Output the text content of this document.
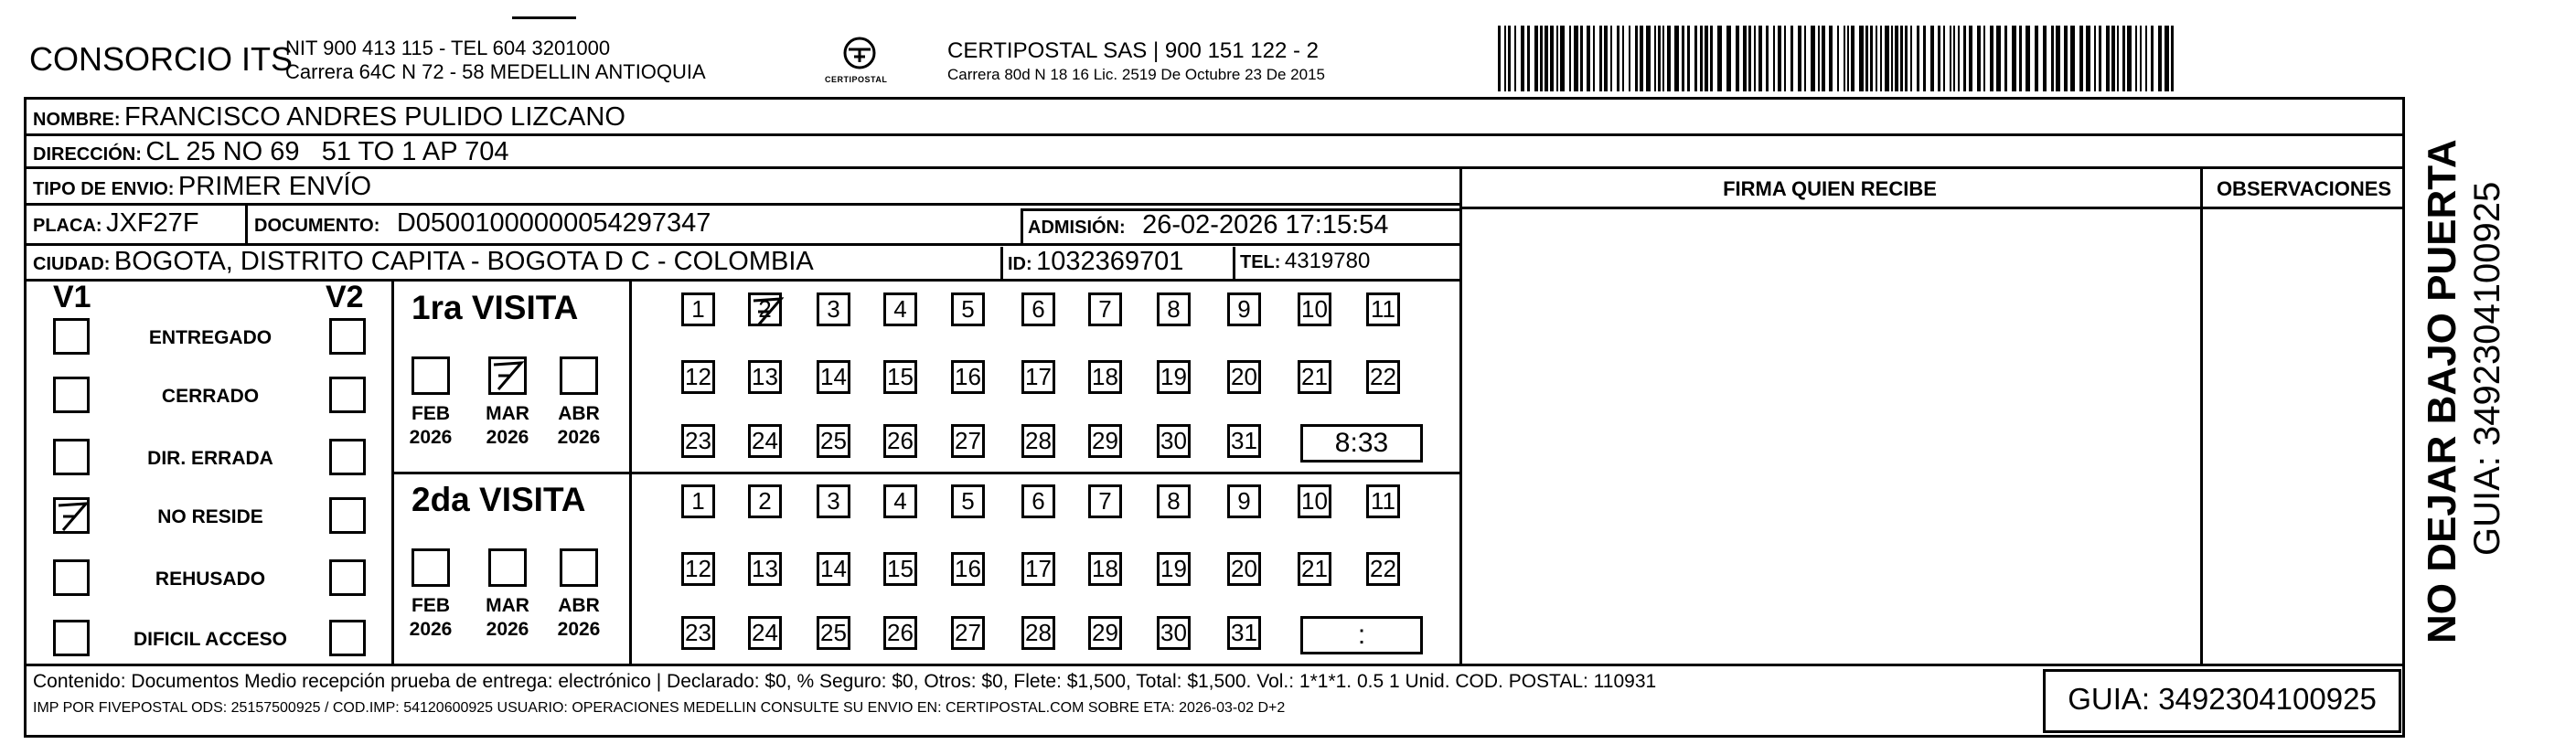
CONSORCIO ITS
NIT 900 413 115 - TEL 604 3201000
Carrera 64C N 72 - 58 MEDELLIN ANTIOQUIA	CERTIPOSTAL
CERTIPOSTAL SAS | 900 151 122 - 2
Carrera 80d N 18 16 Lic. 2519 De Octubre 23 De 2015
NOMBRE: FRANCISCO ANDRES PULIDO LIZCANO
DIRECCIÓN: CL 25 NO 69   51 TO 1 AP 704
TIPO DE ENVIO: PRIMER ENVÍO
PLACA: JXF27F	DOCUMENTO: D05001000000054297347	ADMISIÓN: 26-02-2026 17:15:54
CIUDAD: BOGOTA, DISTRITO CAPITA - BOGOTA D C - COLOMBIA	ID: 1032369701	TEL: 4319780
FIRMA QUIEN RECIBE	OBSERVACIONES
V1	V2
ENTREGADO
CERRADO
DIR. ERRADA
NO RESIDE
REHUSADO
DIFICIL ACCESO
1ra VISITA
FEB
2026
MAR
2026
ABR
2026
1 2 3 4 5 6 7 8 9 10 11
12 13 14 15 16 17 18 19 20 21 22
23 24 25 26 27 28 29 30 31	8:33
2da VISITA
FEB
2026
MAR
2026
ABR
2026
1 2 3 4 5 6 7 8 9 10 11
12 13 14 15 16 17 18 19 20 21 22
23 24 25 26 27 28 29 30 31	:
Contenido: Documentos Medio recepción prueba de entrega: electrónico | Declarado: $0, % Seguro: $0, Otros: $0, Flete: $1,500, Total: $1,500. Vol.: 1*1*1. 0.5 1 Unid. COD. POSTAL: 110931
IMP POR FIVEPOSTAL ODS: 25157500925 / COD.IMP: 54120600925 USUARIO: OPERACIONES MEDELLIN CONSULTE SU ENVIO EN: CERTIPOSTAL.COM SOBRE ETA: 2026-03-02 D+2	GUIA: 3492304100925
NO DEJAR BAJO PUERTA GUIA: 3492304100925
